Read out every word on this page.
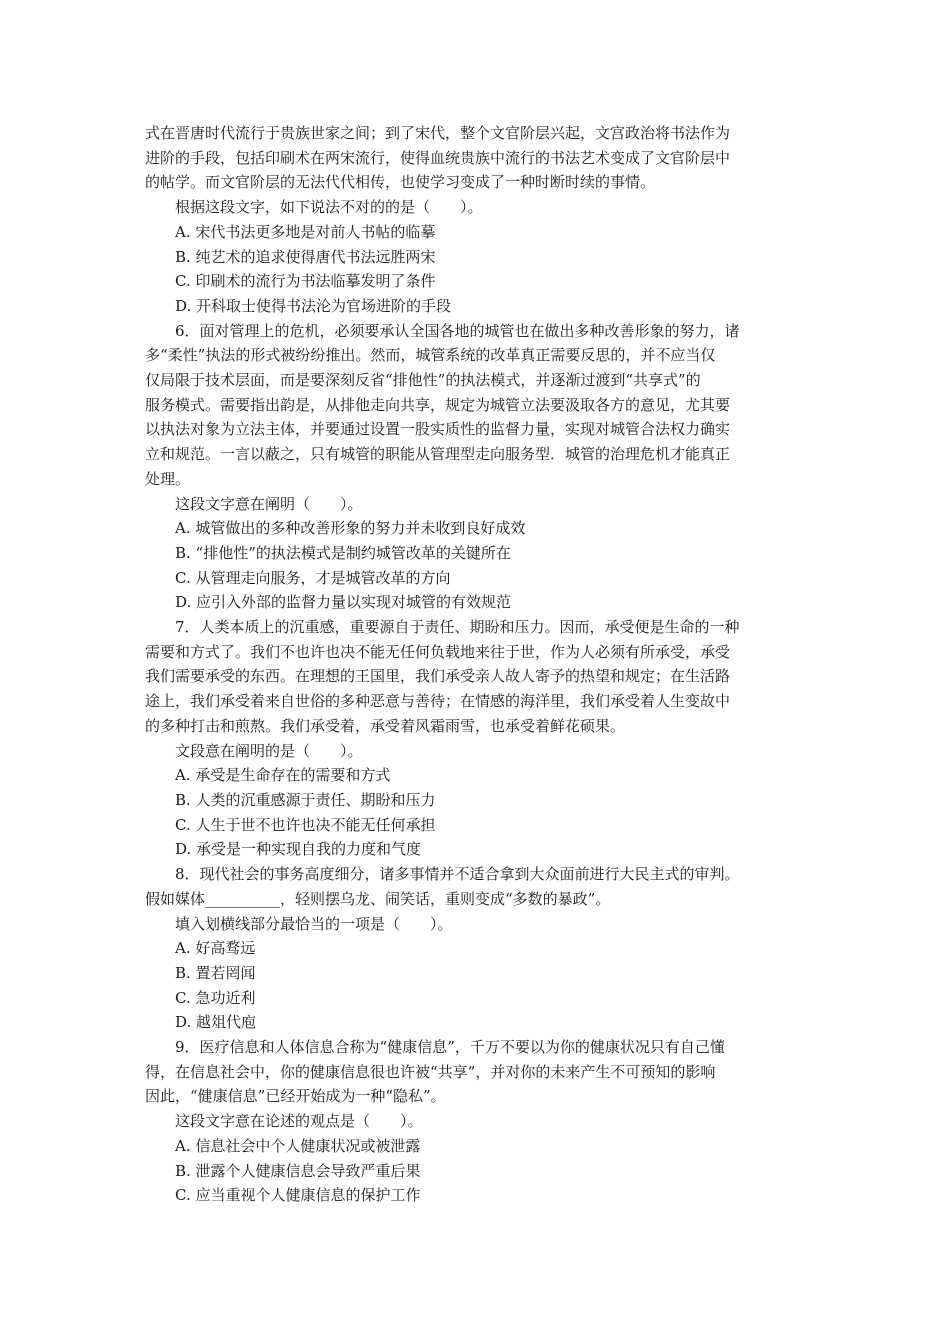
式在晋唐时代流行于贵族世家之间；到了宋代，整个文官阶层兴起，文宫政治将书法作为
进阶的手段，包括印刷术在两宋流行，使得血统贵族中流行的书法艺术变成了文官阶层中
的帖学。而文官阶层的无法代代相传，也使学习变成了一种时断时续的事情。
根据这段文字，如下说法不对的的是（　　）。
A. 宋代书法更多地是对前人书帖的临摹
B. 纯艺术的追求使得唐代书法远胜两宋
C. 印刷术的流行为书法临摹发明了条件
D. 开科取士使得书法沦为官场进阶的手段
6．面对管理上的危机，必须要承认全国各地的城管也在做出多种改善形象的努力，诸
多“柔性”执法的形式被纷纷推出。然而，城管系统的改革真正需要反思的，并不应当仅
仅局限于技术层面，而是要深刻反省“排他性”的执法模式，并逐渐过渡到“共享式”的
服务模式。需要指出韵是，从排他走向共享，规定为城管立法要汲取各方的意见，尤其要
以执法对象为立法主体，并要通过设置一股实质性的监督力量，实现对城管合法权力确实
立和规范。一言以蔽之，只有城管的职能从管理型走向服务型．城管的治理危机才能真正
处理。
这段文字意在阐明（　　）。
A. 城管做出的多种改善形象的努力并未收到良好成效
B. “排他性”的执法模式是制约城管改革的关键所在
C. 从管理走向服务，才是城管改革的方向
D. 应引入外部的监督力量以实现对城管的有效规范
7．人类本质上的沉重感，重要源自于责任、期盼和压力。因而，承受便是生命的一种
需要和方式了。我们不也许也决不能无任何负载地来往于世，作为人必须有所承受，承受
我们需要承受的东西。在理想的王国里，我们承受亲人故人寄予的热望和规定；在生活路
途上，我们承受着来自世俗的多种恶意与善待；在情感的海洋里，我们承受着人生变故中
的多种打击和煎熬。我们承受着，承受着风霜雨雪，也承受着鲜花硕果。
文段意在阐明的是（　　）。
A. 承受是生命存在的需要和方式
B. 人类的沉重感源于责任、期盼和压力
C. 人生于世不也许也决不能无任何承担
D. 承受是一种实现自我的力度和气度
8．现代社会的事务高度细分，诸多事情并不适合拿到大众面前进行大民主式的审判。
假如媒体__________，轻则摆乌龙、闹笑话，重则变成“多数的暴政”。
填入划横线部分最恰当的一项是（　　）。
A. 好高骛远
B. 置若罔闻
C. 急功近利
D. 越俎代庖
9．医疗信息和人体信息合称为“健康信息”，千万不要以为你的健康状况只有自己懂
得，在信息社会中，你的健康信息很也许被“共享”，并对你的未来产生不可预知的影响
因此，“健康信息”已经开始成为一种“隐私”。
这段文字意在论述的观点是（　　）。
A. 信息社会中个人健康状况或被泄露
B. 泄露个人健康信息会导致严重后果
C. 应当重视个人健康信息的保护工作
